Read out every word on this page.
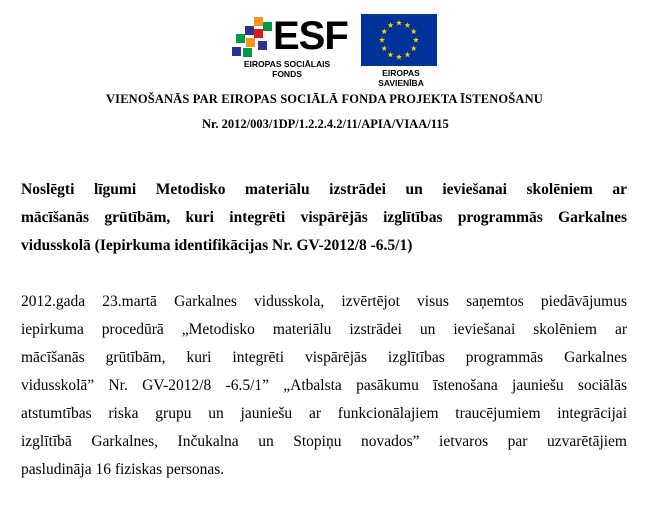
ESF
EIROPAS SOCIĀLAIS
FONDS	EIROPAS SAVIENĪBA
VIENOŠANĀS PAR EIROPAS SOCIĀLĀ FONDA PROJEKTA ĪSTENOŠANU
Nr. 2012/003/1DP/1.2.2.4.2/11/APIA/VIAA/115
Noslēgti līgumi Metodisko materiālu izstrādei un ieviešanai skolēniem ar
mācīšanās grūtībām, kuri integrēti vispārējās izglītības programmās Garkalnes
vidusskolā (Iepirkuma identifikācijas Nr. GV-2012/8 -6.5/1)
2012.gada 23.martā Garkalnes vidusskola, izvērtējot visus saņemtos piedāvājumus
iepirkuma procedūrā „Metodisko materiālu izstrādei un ieviešanai skolēniem ar
mācīšanās grūtībām, kuri integrēti vispārējās izglītības programmās Garkalnes
vidusskolā” Nr. GV-2012/8 -6.5/1” „Atbalsta pasākumu īstenošana jauniešu sociālās
atstumtības riska grupu un jauniešu ar funkcionālajiem traucējumiem integrācijai
izglītībā Garkalnes, Inčukalna un Stopiņu novados” ietvaros par uzvarētājiem
pasludināja 16 fiziskas personas.
